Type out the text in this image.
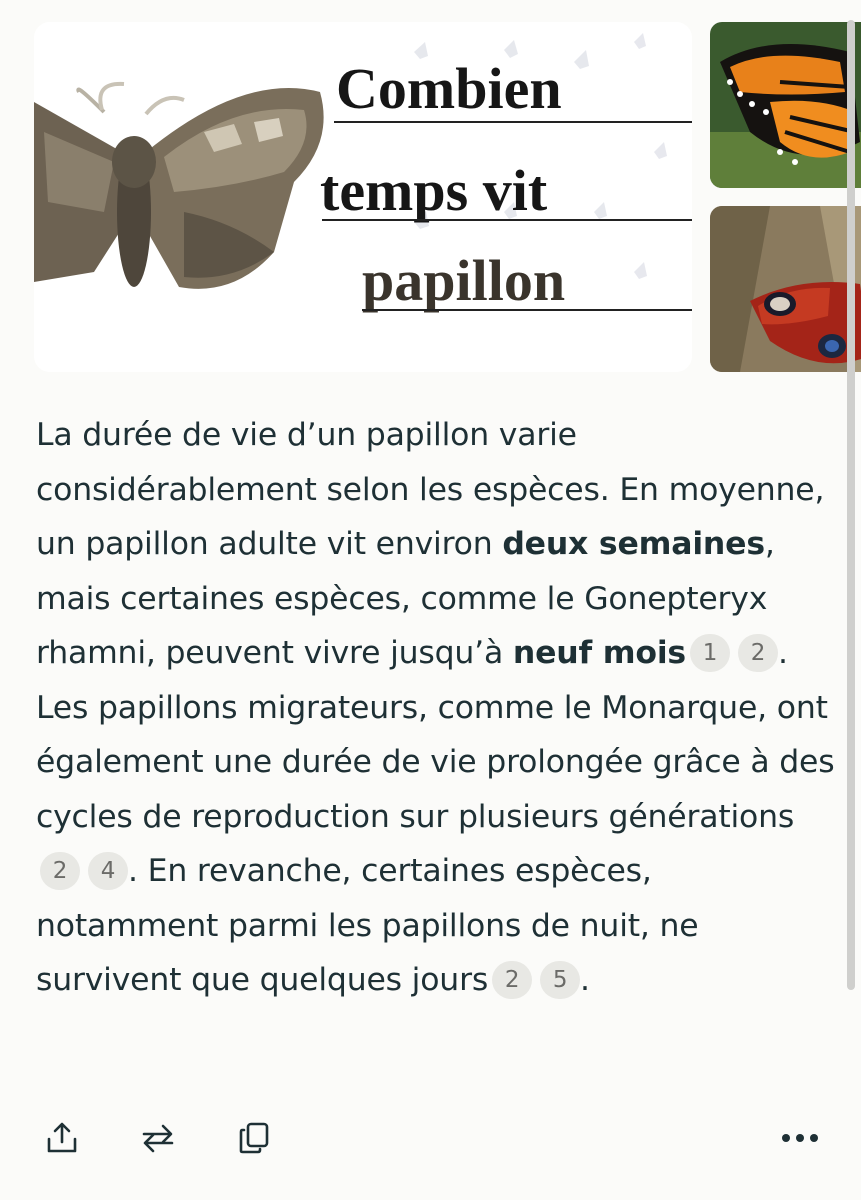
Combien
temps vit
papillon
La durée de vie d’un papillon varie considérablement selon les espèces. En moyenne, un papillon adulte vit environ deux semaines, mais certaines espèces, comme le Gonepteryx rhamni, peuvent vivre jusqu’à neuf mois 1 2 . Les papillons migrateurs, comme le Monarque, ont également une durée de vie prolongée grâce à des cycles de reproduction sur plusieurs générations2 4 . En revanche, certaines espèces, notamment parmi les papillons de nuit, ne survivent que quelques jours 2 5 .
